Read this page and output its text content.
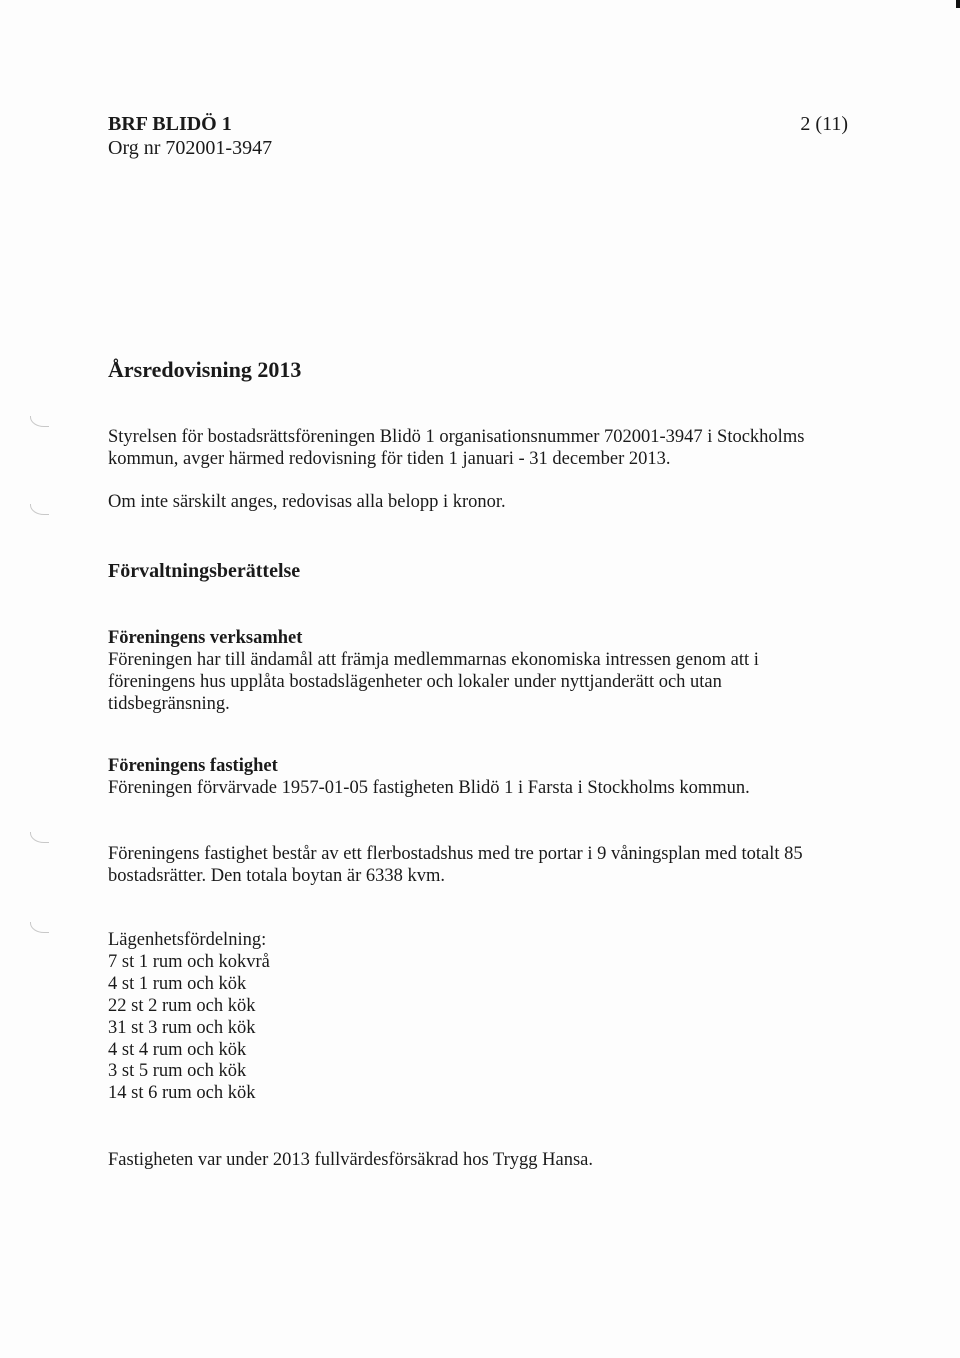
BRF BLIDÖ 1
Org nr 702001-3947
2 (11)
Årsredovisning 2013

Styrelsen för bostadsrättsföreningen Blidö 1 organisationsnummer 702001-3947 i Stockholms
kommun, avger härmed redovisning för tiden 1 januari - 31 december 2013.

Om inte särskilt anges, redovisas alla belopp i kronor.

Förvaltningsberättelse

Föreningens verksamhet
Föreningen har till ändamål att främja medlemmarnas ekonomiska intressen genom att i
föreningens hus upplåta bostadslägenheter och lokaler under nyttjanderätt och utan
tidsbegränsning.

Föreningens fastighet
Föreningen förvärvade 1957-01-05 fastigheten Blidö 1 i Farsta i Stockholms kommun.

Föreningens fastighet består av ett flerbostadshus med tre portar i 9 våningsplan med totalt 85
bostadsrätter. Den totala boytan är 6338 kvm.

Lägenhetsfördelning:
7 st 1 rum och kokvrå
4 st 1 rum och kök
22 st 2 rum och kök
31 st 3 rum och kök
4 st 4 rum och kök
3 st 5 rum och kök
14 st 6 rum och kök

Fastigheten var under 2013 fullvärdesförsäkrad hos Trygg Hansa.
